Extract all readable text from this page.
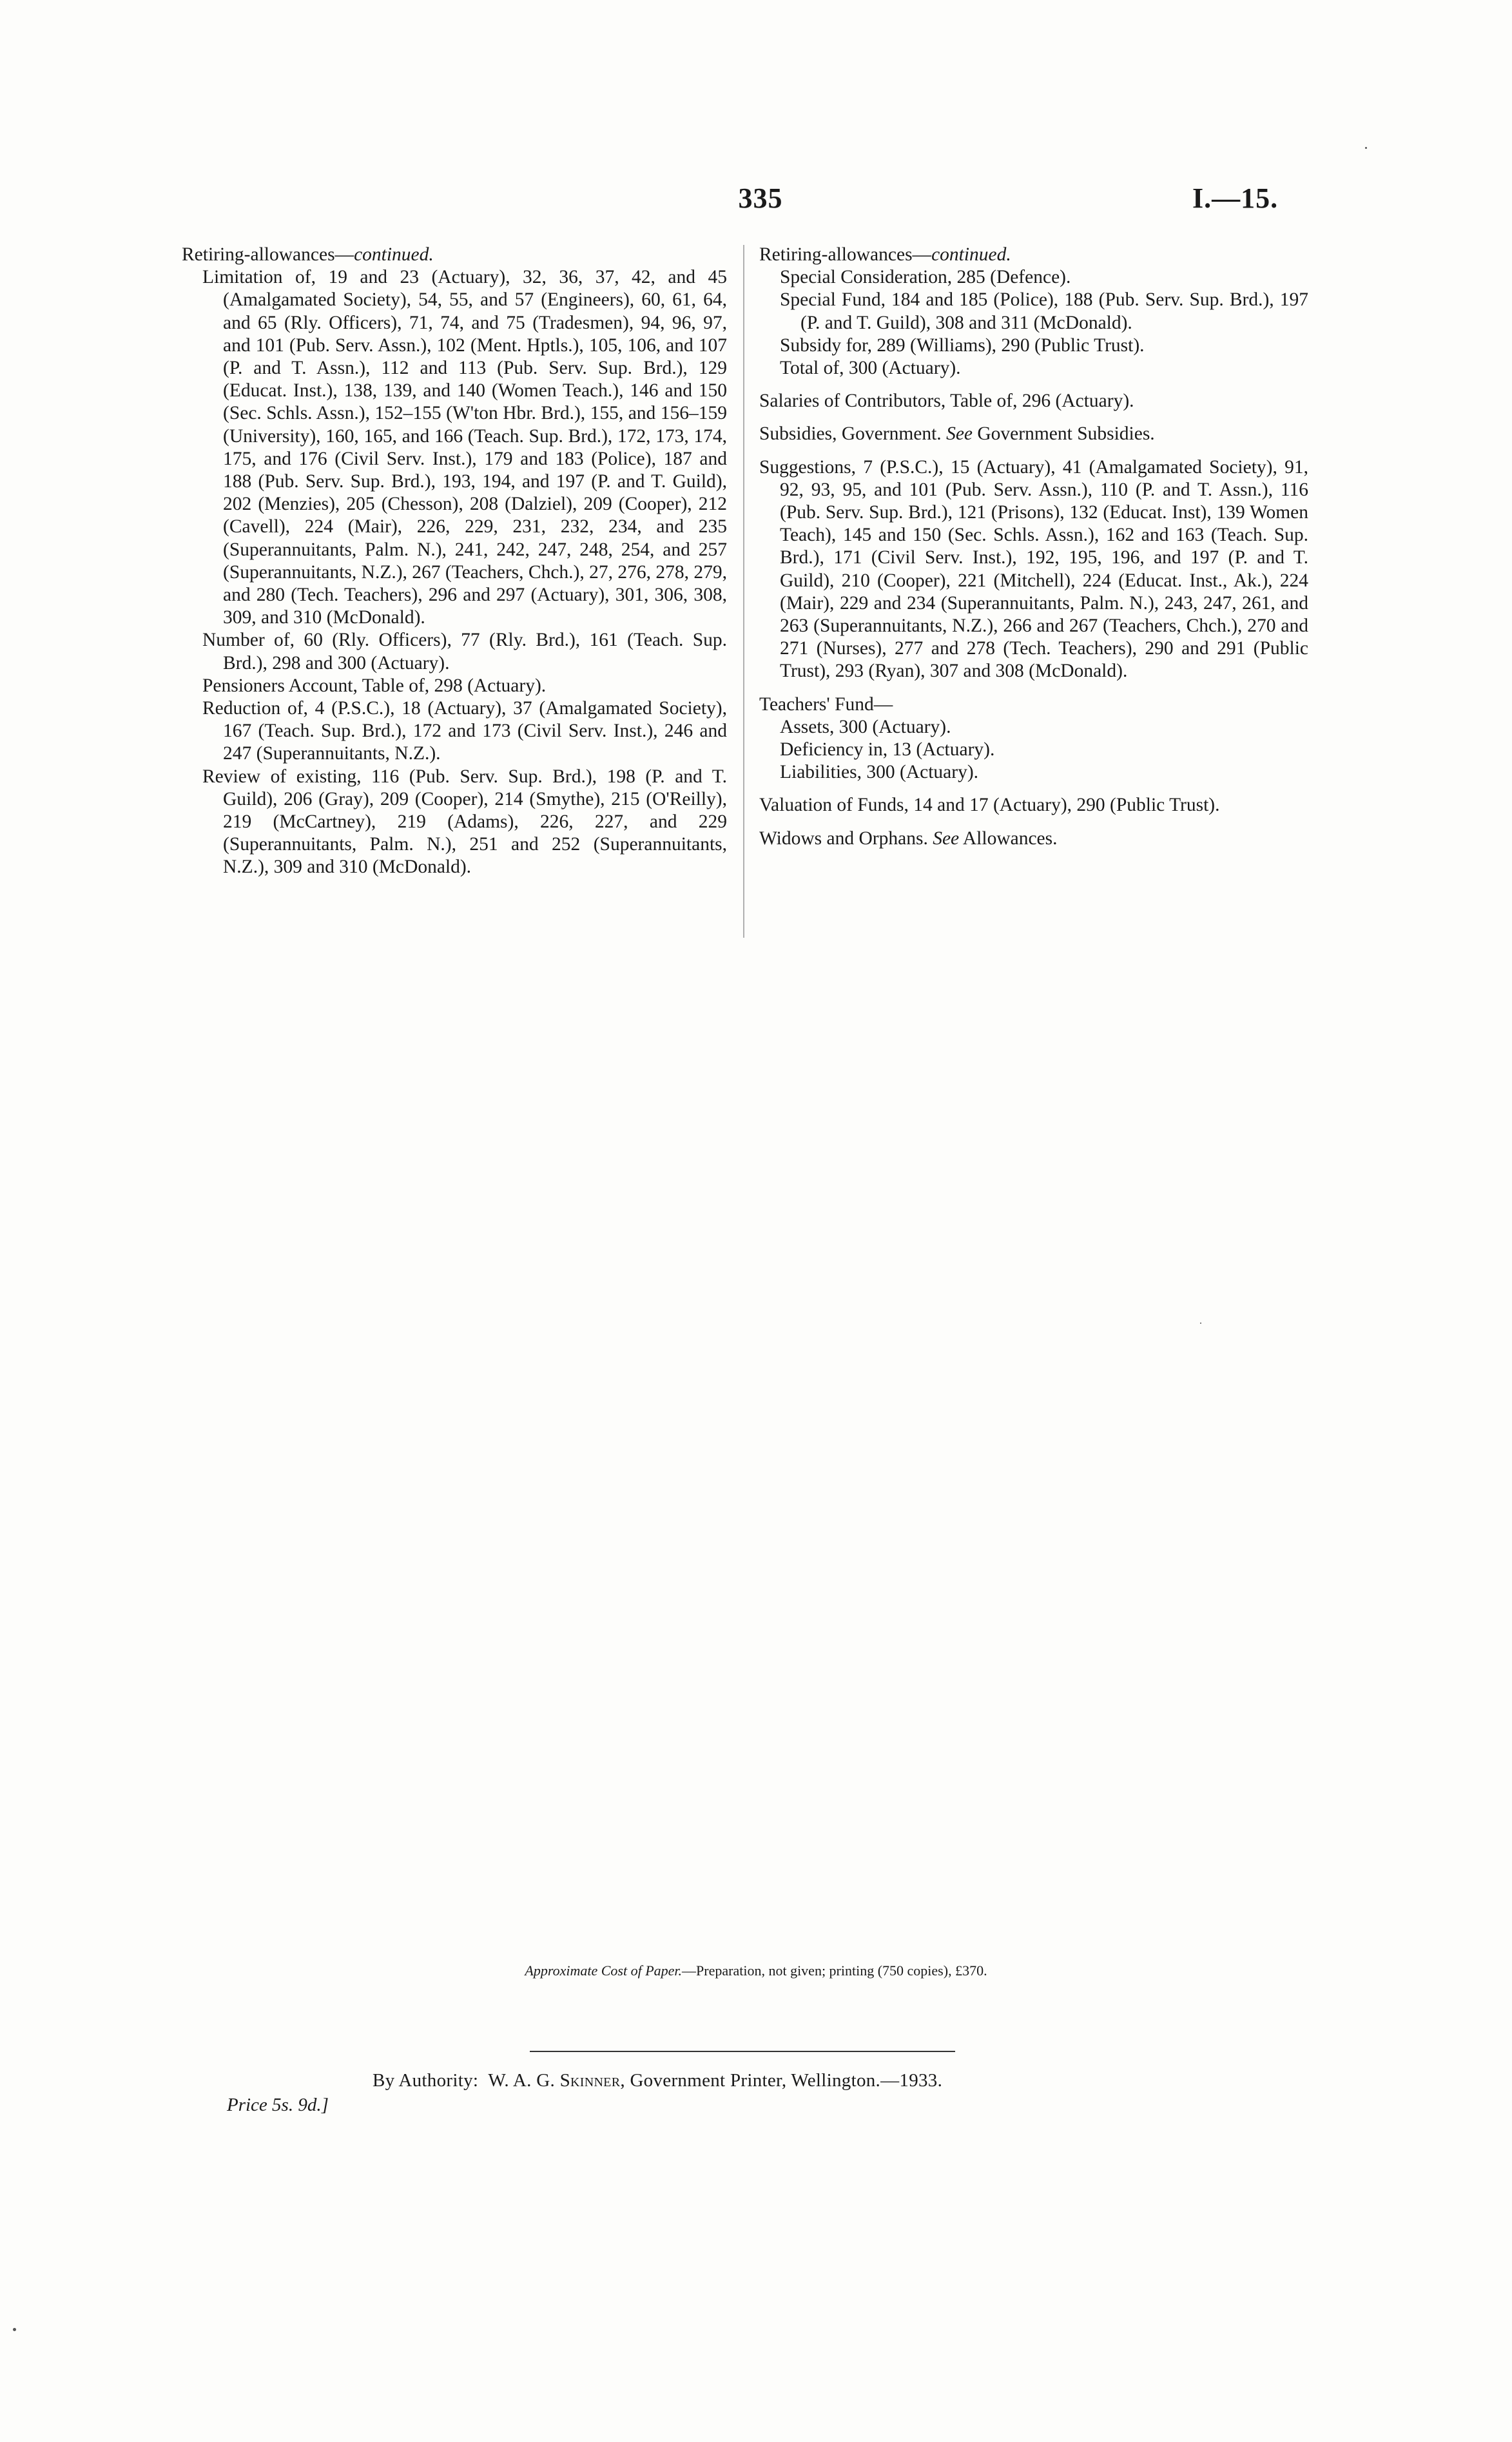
335	I.—15.

Retiring-allowances—continued.

Limitation of, 19 and 23 (Actuary), 32, 36, 37, 42, and 45 (Amalgamated Society), 54, 55, and 57 (Engineers), 60, 61, 64, and 65 (Rly. Officers), 71, 74, and 75 (Tradesmen), 94, 96, 97, and 101 (Pub. Serv. Assn.), 102 (Ment. Hptls.), 105, 106, and 107 (P. and T. Assn.), 112 and 113 (Pub. Serv. Sup. Brd.), 129 (Educat. Inst.), 138, 139, and 140 (Women Teach.), 146 and 150 (Sec. Schls. Assn.), 152–155 (W'ton Hbr. Brd.), 155, and 156–159 (University), 160, 165, and 166 (Teach. Sup. Brd.), 172, 173, 174, 175, and 176 (Civil Serv. Inst.), 179 and 183 (Police), 187 and 188 (Pub. Serv. Sup. Brd.), 193, 194, and 197 (P. and T. Guild), 202 (Menzies), 205 (Chesson), 208 (Dalziel), 209 (Cooper), 212 (Cavell), 224 (Mair), 226, 229, 231, 232, 234, and 235 (Superannuitants, Palm. N.), 241, 242, 247, 248, 254, and 257 (Superannuitants, N.Z.), 267 (Teachers, Chch.), 27, 276, 278, 279, and 280 (Tech. Teachers), 296 and 297 (Actuary), 301, 306, 308, 309, and 310 (McDonald).

Number of, 60 (Rly. Officers), 77 (Rly. Brd.), 161 (Teach. Sup. Brd.), 298 and 300 (Actuary).

Pensioners Account, Table of, 298 (Actuary).

Reduction of, 4 (P.S.C.), 18 (Actuary), 37 (Amalgamated Society), 167 (Teach. Sup. Brd.), 172 and 173 (Civil Serv. Inst.), 246 and 247 (Superannuitants, N.Z.).

Review of existing, 116 (Pub. Serv. Sup. Brd.), 198 (P. and T. Guild), 206 (Gray), 209 (Cooper), 214 (Smythe), 215 (O'Reilly), 219 (McCartney), 219 (Adams), 226, 227, and 229 (Superannuitants, Palm. N.), 251 and 252 (Superannuitants, N.Z.), 309 and 310 (McDonald).

Retiring-allowances—continued.

Special Consideration, 285 (Defence).

Special Fund, 184 and 185 (Police), 188 (Pub. Serv. Sup. Brd.), 197 (P. and T. Guild), 308 and 311 (McDonald).

Subsidy for, 289 (Williams), 290 (Public Trust).

Total of, 300 (Actuary).

Salaries of Contributors, Table of, 296 (Actuary).

Subsidies, Government. See Government Subsidies.

Suggestions, 7 (P.S.C.), 15 (Actuary), 41 (Amalgamated Society), 91, 92, 93, 95, and 101 (Pub. Serv. Assn.), 110 (P. and T. Assn.), 116 (Pub. Serv. Sup. Brd.), 121 (Prisons), 132 (Educat. Inst), 139 Women Teach), 145 and 150 (Sec. Schls. Assn.), 162 and 163 (Teach. Sup. Brd.), 171 (Civil Serv. Inst.), 192, 195, 196, and 197 (P. and T. Guild), 210 (Cooper), 221 (Mitchell), 224 (Educat. Inst., Ak.), 224 (Mair), 229 and 234 (Superannuitants, Palm. N.), 243, 247, 261, and 263 (Superannuitants, N.Z.), 266 and 267 (Teachers, Chch.), 270 and 271 (Nurses), 277 and 278 (Tech. Teachers), 290 and 291 (Public Trust), 293 (Ryan), 307 and 308 (McDonald).

Teachers' Fund—

Assets, 300 (Actuary).

Deficiency in, 13 (Actuary).

Liabilities, 300 (Actuary).

Valuation of Funds, 14 and 17 (Actuary), 290 (Public Trust).

Widows and Orphans. See Allowances.

Approximate Cost of Paper.—Preparation, not given; printing (750 copies), £370.
By Authority: W. A. G. Skinner, Government Printer, Wellington.—1933.
Price 5s. 9d.]
